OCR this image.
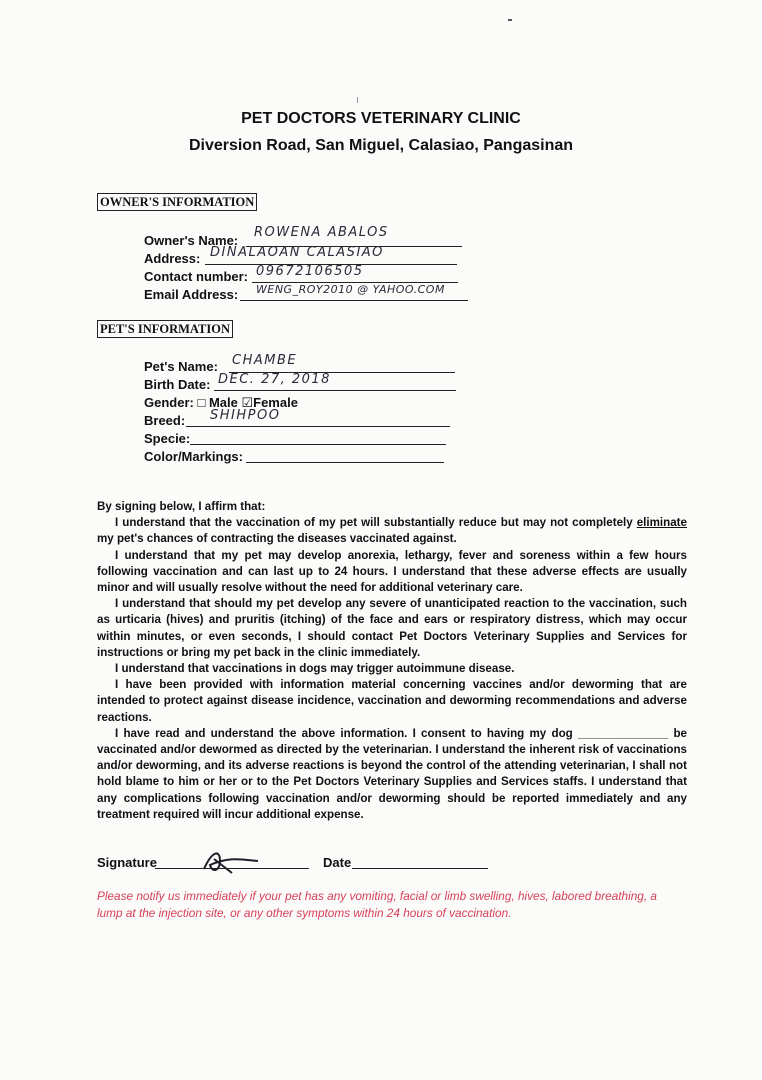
PET DOCTORS VETERINARY CLINIC
Diversion Road, San Miguel, Calasiao, Pangasinan
OWNER'S INFORMATION
Owner's Name:
ROWENA ABALOS
Address: DINALAOAN CALASIAO
Contact number: 09672106505
Email Address: WENG_ROY2010 @ YAHOO.COM
PET'S INFORMATION
Pet's Name: CHAMBE
Birth Date: DEC. 27, 2018
Gender: □ Male ☑Female
Breed: SHIHPOO
Specie:
Color/Markings:

By signing below, I affirm that:

I understand that the vaccination of my pet will substantially reduce but may not completely eliminate my pet's chances of contracting the diseases vaccinated against.

I understand that my pet may develop anorexia, lethargy, fever and soreness within a few hours following vaccination and can last up to 24 hours. I understand that these adverse effects are usually minor and will usually resolve without the need for additional veterinary care.

I understand that should my pet develop any severe of unanticipated reaction to the vaccination, such as urticaria (hives) and pruritis (itching) of the face and ears or respiratory distress, which may occur within minutes, or even seconds, I should contact Pet Doctors Veterinary Supplies and Services for instructions or bring my pet back in the clinic immediately.

I understand that vaccinations in dogs may trigger autoimmune disease.

I have been provided with information material concerning vaccines and/or deworming that are intended to protect against disease incidence, vaccination and deworming recommendations and adverse reactions.

I have read and understand the above information. I consent to having my dog ______________ be vaccinated and/or dewormed as directed by the veterinarian. I understand the inherent risk of vaccinations and/or deworming, and its adverse reactions is beyond the control of the attending veterinarian, I shall not hold blame to him or her or to the Pet Doctors Veterinary Supplies and Services staffs. I understand that any complications following vaccination and/or deworming should be reported immediately and any treatment required will incur additional expense.

Signature	Date
Please notify us immediately if your pet has any vomiting, facial or limb swelling, hives, labored breathing, a lump at the injection site, or any other symptoms within 24 hours of vaccination.
